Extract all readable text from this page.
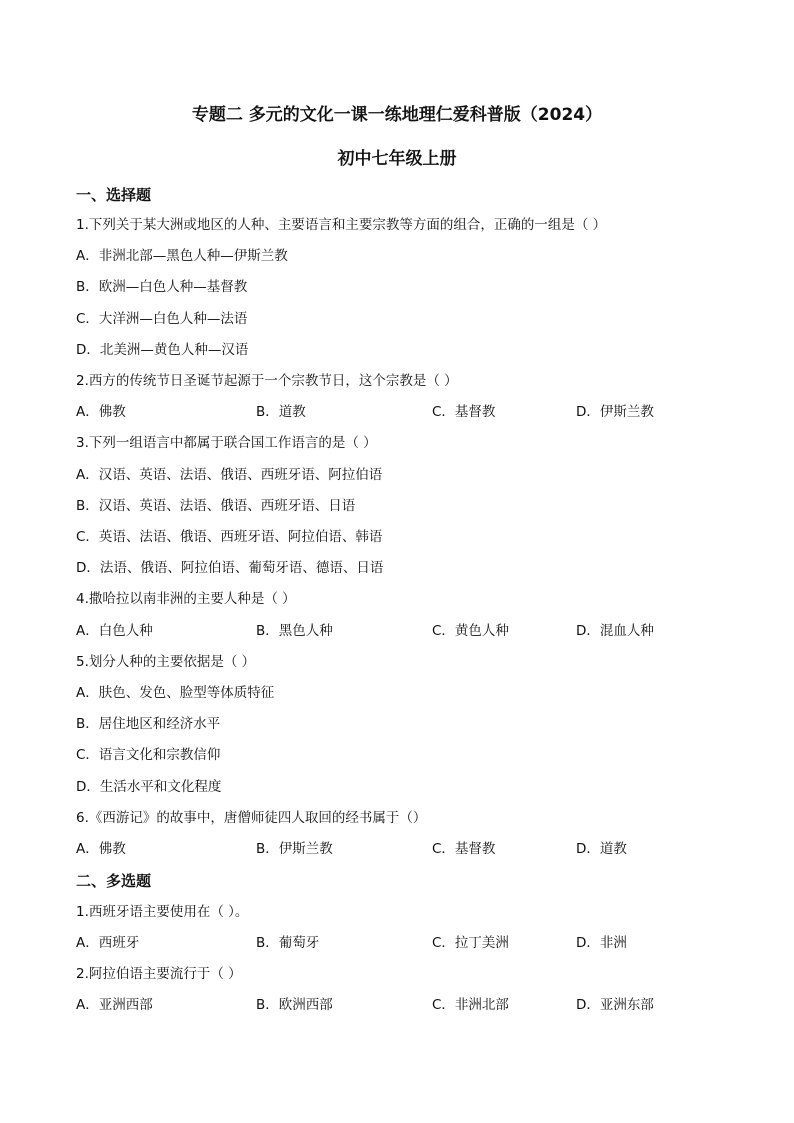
专题二 多元的文化一课一练地理仁爱科普版（2024）
初中七年级上册
一、选择题
1.下列关于某大洲或地区的人种、主要语言和主要宗教等方面的组合，正确的一组是（ ）
A．非洲北部—黑色人种—伊斯兰教
B．欧洲—白色人种—基督教
C．大洋洲—白色人种—法语
D．北美洲—黄色人种—汉语
2.西方的传统节日圣诞节起源于一个宗教节日，这个宗教是（ ）
A．佛教	B．道教	C．基督教	D．伊斯兰教
3.下列一组语言中都属于联合国工作语言的是（ ）
A．汉语、英语、法语、俄语、西班牙语、阿拉伯语
B．汉语、英语、法语、俄语、西班牙语、日语
C．英语、法语、俄语、西班牙语、阿拉伯语、韩语
D．法语、俄语、阿拉伯语、葡萄牙语、德语、日语
4.撒哈拉以南非洲的主要人种是（ ）
A．白色人种	B．黑色人种	C．黄色人种	D．混血人种
5.划分人种的主要依据是（ ）
A．肤色、发色、脸型等体质特征
B．居住地区和经济水平
C．语言文化和宗教信仰
D．生活水平和文化程度
6.《西游记》的故事中，唐僧师徒四人取回的经书属于（）
A．佛教	B．伊斯兰教	C．基督教	D．道教
二、多选题
1.西班牙语主要使用在（ ）。
A．西班牙	B．葡萄牙	C．拉丁美洲	D．非洲
2.阿拉伯语主要流行于（ ）
A．亚洲西部	B．欧洲西部	C．非洲北部	D．亚洲东部
